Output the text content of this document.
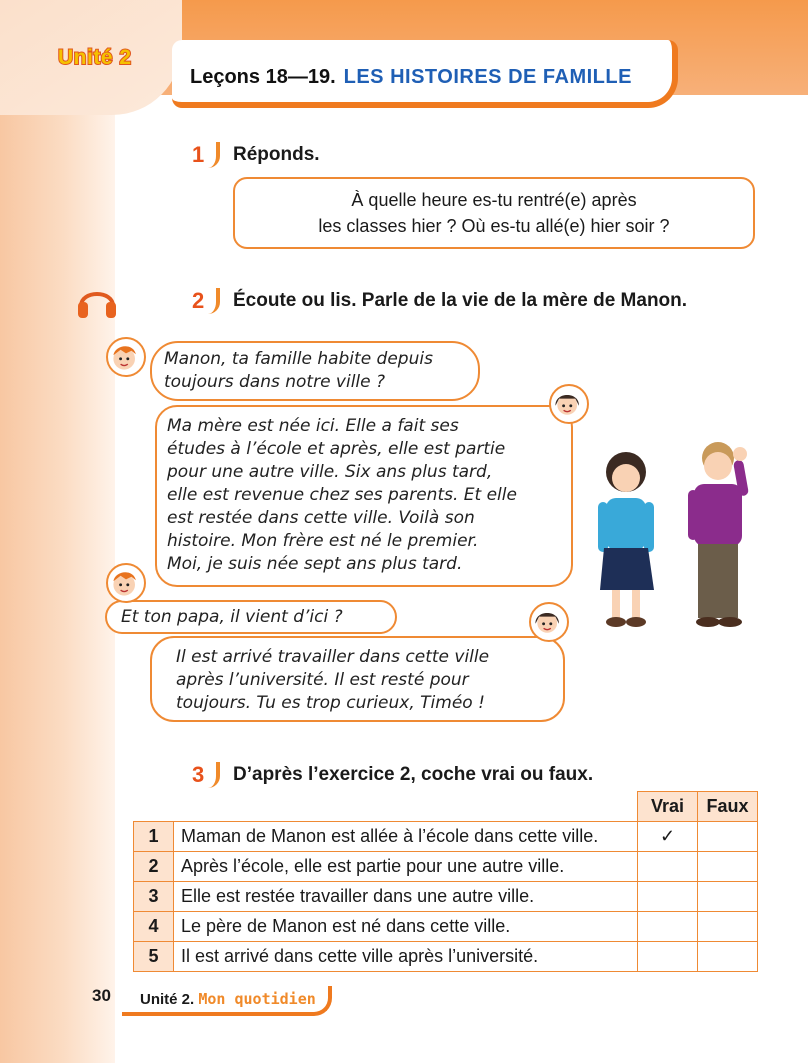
Unité 2
Leçons 18—19. LES HISTOIRES DE FAMILLE
1 Réponds.
À quelle heure es-tu rentré(e) après
les classes hier ? Où es-tu allé(e) hier soir ?
2 Écoute ou lis. Parle de la vie de la mère de Manon.
Manon, ta famille habite depuis
toujours dans notre ville ?
Ma mère est née ici. Elle a fait ses
études à l’école et après, elle est partie
pour une autre ville. Six ans plus tard,
elle est revenue chez ses parents. Et elle
est restée dans cette ville. Voilà son
histoire. Mon frère est né le premier.
Moi, je suis née sept ans plus tard.
Et ton papa, il vient d’ici ?
Il est arrivé travailler dans cette ville
après l’université. Il est resté pour
toujours. Tu es trop curieux, Timéo !
3 D’après l’exercice 2, coche vrai ou faux.
		Vrai	Faux
1	Maman de Manon est allée à l’école dans cette ville.	✓	
2	Après l’école, elle est partie pour une autre ville.		
3	Elle est restée travailler dans une autre ville.		
4	Le père de Manon est né dans cette ville.		
5	Il est arrivé dans cette ville après l’université.		
30 Unité 2. Mon quotidien
